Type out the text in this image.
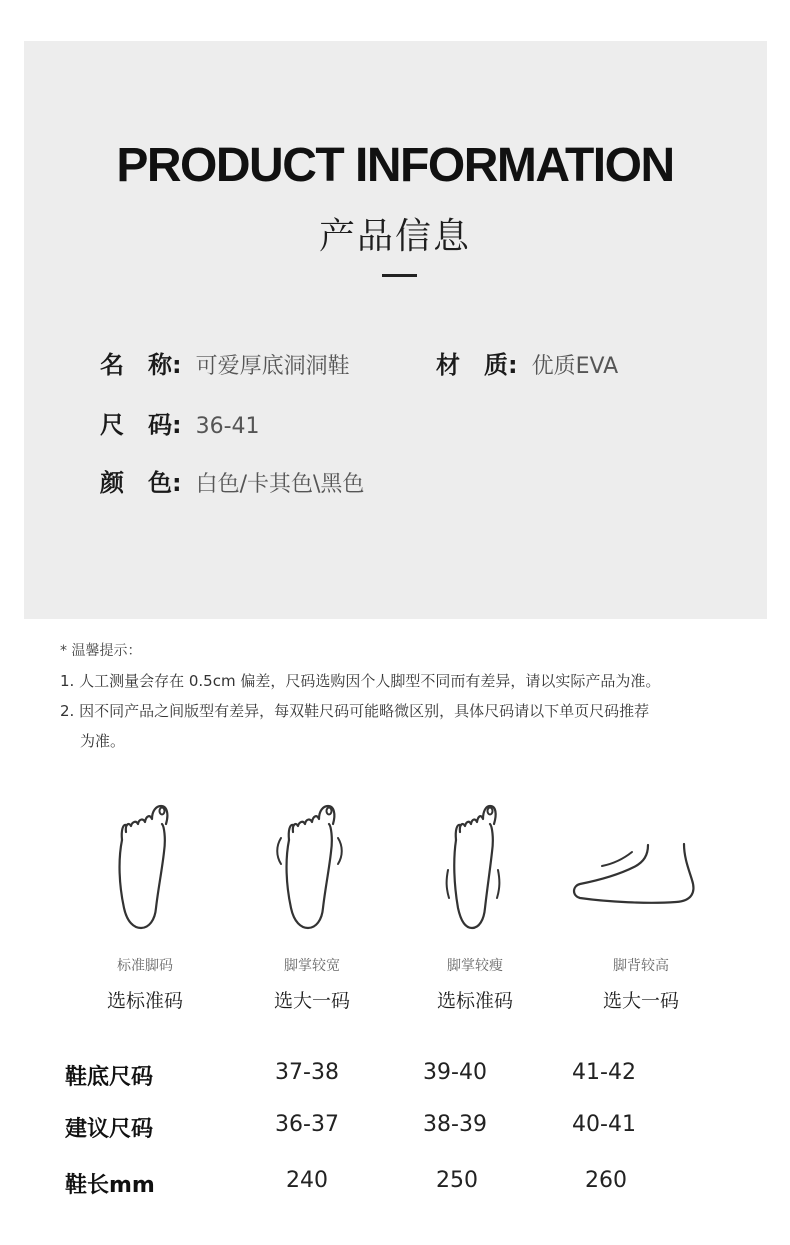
PRODUCT INFORMATION
产品信息
名　称: 可爱厚底洞洞鞋	材　质: 优质EVA
尺　码: 36-41
颜　色: 白色/卡其色\黑色
* 温馨提示：
1. 人工测量会存在 0.5cm 偏差，尺码选购因个人脚型不同而有差异，请以实际产品为准。
2. 因不同产品之间版型有差异，每双鞋尺码可能略微区别，具体尺码请以下单页尺码推荐
为准。
标准脚码	脚掌较宽	脚掌较瘦	脚背较高
选标准码	选大一码	选标准码	选大一码
鞋底尺码	37-38	39-40	41-42
建议尺码	36-37	38-39	40-41
鞋长mm	240	250	260
